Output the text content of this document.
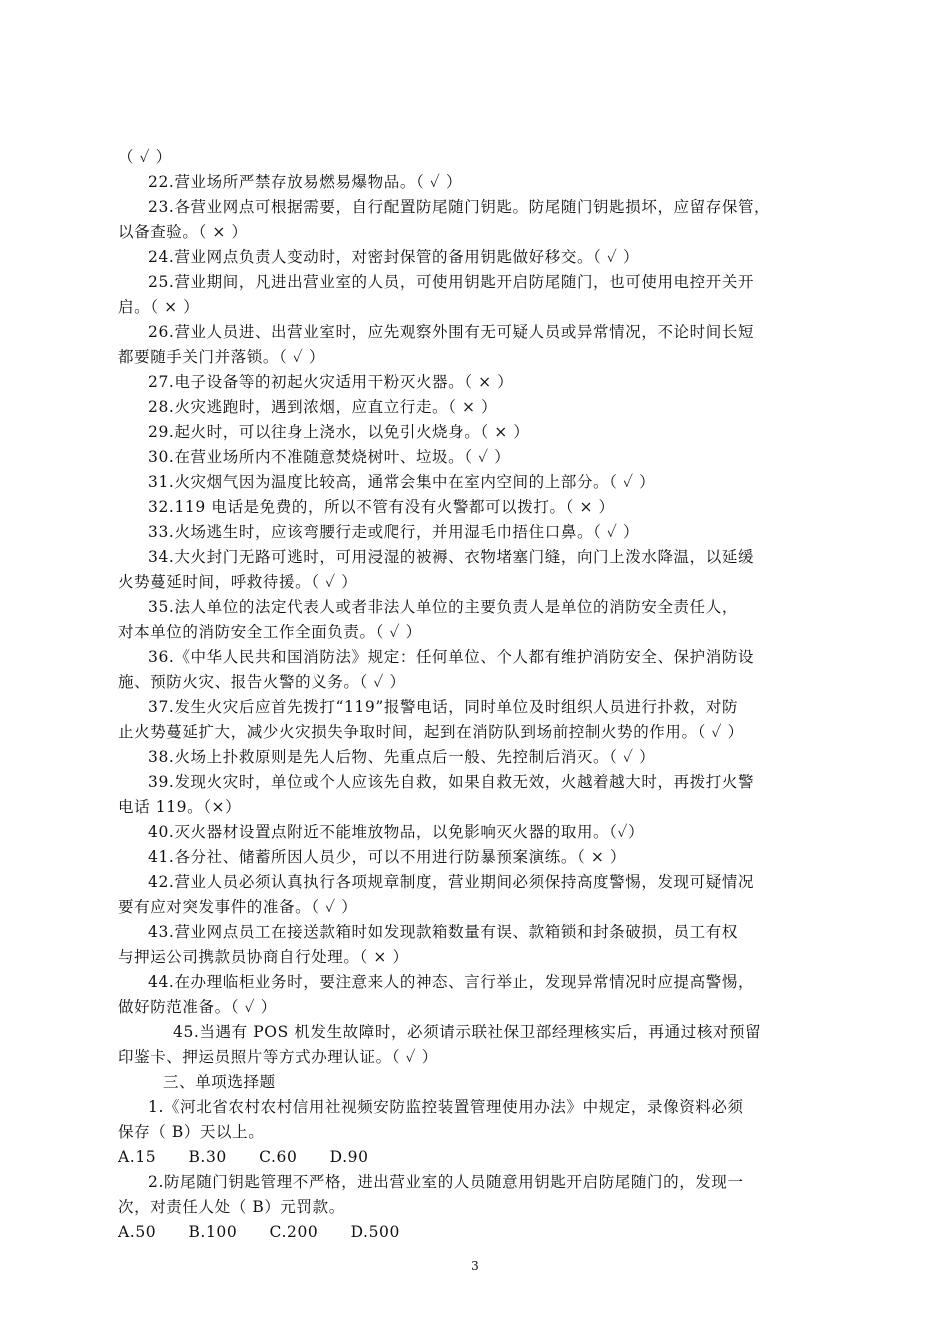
（ ✓ ）
22.营业场所严禁存放易燃易爆物品。（ ✓ ）
23.各营业网点可根据需要，自行配置防尾随门钥匙。防尾随门钥匙损坏，应留存保管，
以备查验。（ × ）
24.营业网点负责人变动时，对密封保管的备用钥匙做好移交。（ ✓ ）
25.营业期间，凡进出营业室的人员，可使用钥匙开启防尾随门，也可使用电控开关开
启。（ × ）
26.营业人员进、出营业室时，应先观察外围有无可疑人员或异常情况，不论时间长短
都要随手关门并落锁。（ ✓ ）
27.电子设备等的初起火灾适用干粉灭火器。（ × ）
28.火灾逃跑时，遇到浓烟，应直立行走。（ × ）
29.起火时，可以往身上浇水，以免引火烧身。（ × ）
30.在营业场所内不准随意焚烧树叶、垃圾。（ ✓ ）
31.火灾烟气因为温度比较高，通常会集中在室内空间的上部分。（ ✓ ）
32.119 电话是免费的，所以不管有没有火警都可以拨打。（ × ）
33.火场逃生时，应该弯腰行走或爬行，并用湿毛巾捂住口鼻。（ ✓ ）
34.大火封门无路可逃时，可用浸湿的被褥、衣物堵塞门缝，向门上泼水降温，以延缓
火势蔓延时间，呼救待援。（ ✓ ）
35.法人单位的法定代表人或者非法人单位的主要负责人是单位的消防安全责任人，
对本单位的消防安全工作全面负责。（ ✓ ）
36.《中华人民共和国消防法》规定：任何单位、个人都有维护消防安全、保护消防设
施、预防火灾、报告火警的义务。（ ✓ ）
37.发生火灾后应首先拨打“119”报警电话，同时单位及时组织人员进行扑救，对防
止火势蔓延扩大，减少火灾损失争取时间，起到在消防队到场前控制火势的作用。（ ✓ ）
38.火场上扑救原则是先人后物、先重点后一般、先控制后消灭。（ ✓ ）
39.发现火灾时，单位或个人应该先自救，如果自救无效，火越着越大时，再拨打火警
电话 119。（×）
40.灭火器材设置点附近不能堆放物品，以免影响灭火器的取用。（✓）
41.各分社、储蓄所因人员少，可以不用进行防暴预案演练。（ × ）
42.营业人员必须认真执行各项规章制度，营业期间必须保持高度警惕，发现可疑情况
要有应对突发事件的准备。（ ✓ ）
43.营业网点员工在接送款箱时如发现款箱数量有误、款箱锁和封条破损，员工有权
与押运公司携款员协商自行处理。（ × ）
44.在办理临柜业务时，要注意来人的神态、言行举止，发现异常情况时应提高警惕，
做好防范准备。（ ✓ ）
45.当遇有 POS 机发生故障时，必须请示联社保卫部经理核实后，再通过核对预留
印鉴卡、押运员照片等方式办理认证。（ ✓ ）
三、单项选择题
1.《河北省农村农村信用社视频安防监控装置管理使用办法》中规定，录像资料必须
保存（ B）天以上。
A.15　　B.30　　C.60　　D.90
2.防尾随门钥匙管理不严格，进出营业室的人员随意用钥匙开启防尾随门的，发现一
次，对责任人处（ B）元罚款。
A.50　　B.100　　C.200　　D.500
3
